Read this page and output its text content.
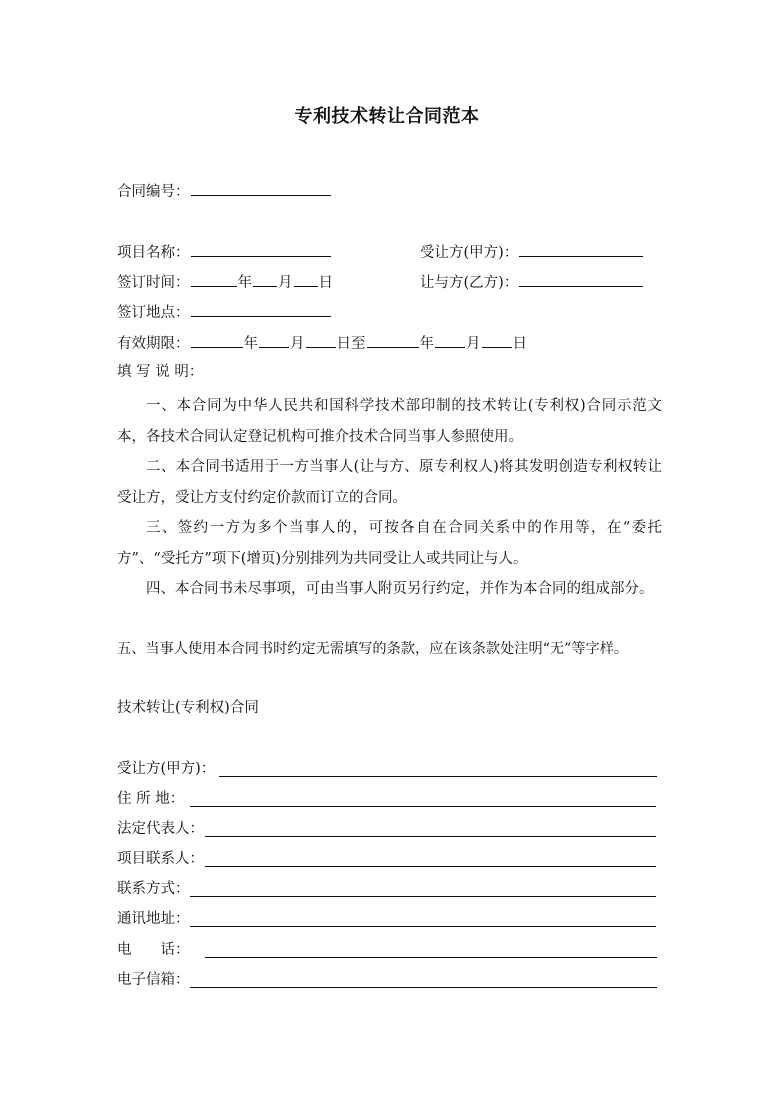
专利技术转让合同范本
合同编号：
项目名称：	受让方(甲方)：
签订时间：	年 月 日	让与方(乙方)：
签订地点：
有效期限：	年 月 日至	年 月 日
填 写 说 明：
一、本合同为中华人民共和国科学技术部印制的技术转让(专利权)合同示范文本，各技术合同认定登记机构可推介技术合同当事人参照使用。
二、本合同书适用于一方当事人(让与方、原专利权人)将其发明创造专利权转让受让方，受让方支付约定价款而订立的合同。
三、签约一方为多个当事人的，可按各自在合同关系中的作用等，在“委托方”、“受托方”项下(增页)分别排列为共同受让人或共同让与人。
四、本合同书未尽事项，可由当事人附页另行约定，并作为本合同的组成部分。
五、当事人使用本合同书时约定无需填写的条款，应在该条款处注明“无”等字样。
技术转让(专利权)合同
受让方(甲方)：
住 所 地：
法定代表人：
项目联系人：
联系方式：
通讯地址：
电　　话：
电子信箱：
